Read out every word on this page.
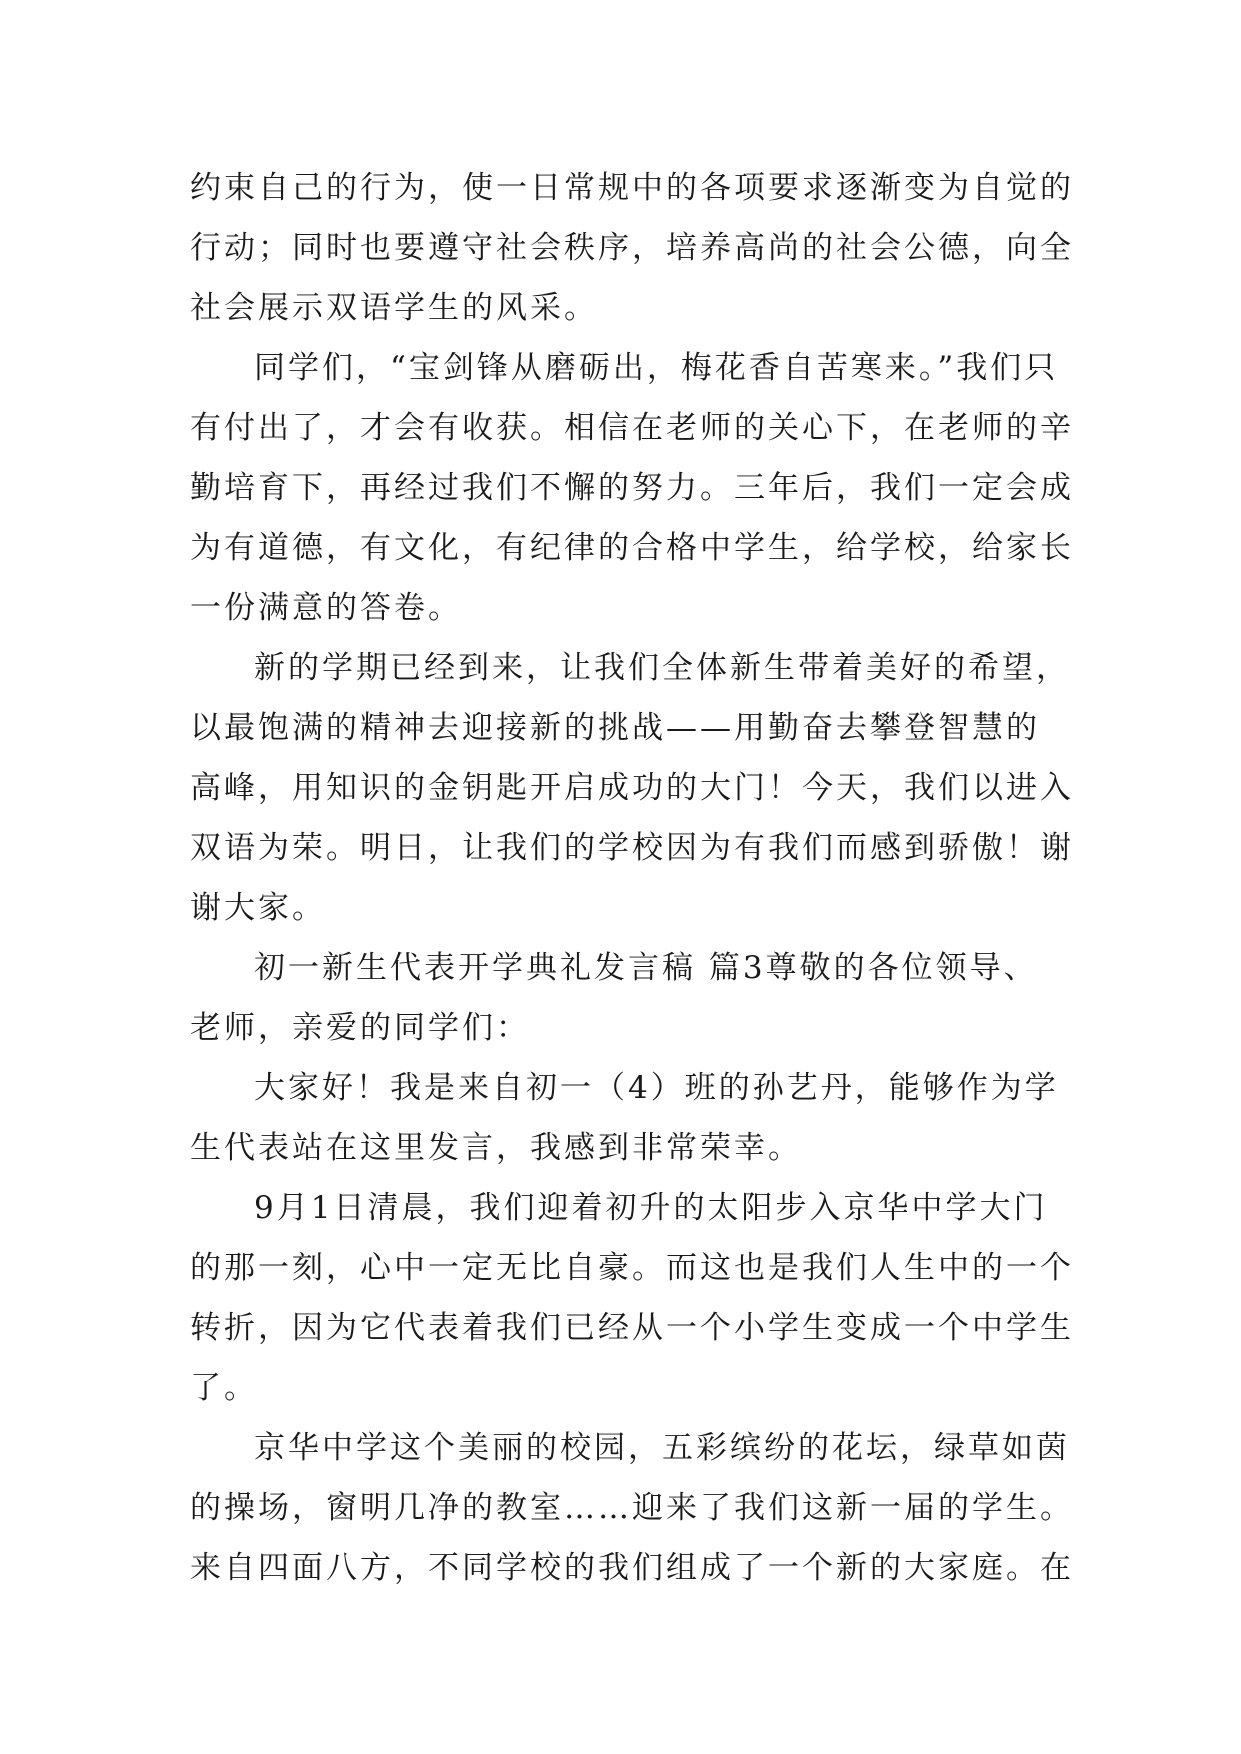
约束自己的行为，使一日常规中的各项要求逐渐变为自觉的
行动；同时也要遵守社会秩序，培养高尚的社会公德，向全
社会展示双语学生的风采。
同学们，“宝剑锋从磨砺出，梅花香自苦寒来。”我们只
有付出了，才会有收获。相信在老师的关心下，在老师的辛
勤培育下，再经过我们不懈的努力。三年后，我们一定会成
为有道德，有文化，有纪律的合格中学生，给学校，给家长
一份满意的答卷。
新的学期已经到来，让我们全体新生带着美好的希望，
以最饱满的精神去迎接新的挑战——用勤奋去攀登智慧的
高峰，用知识的金钥匙开启成功的大门！今天，我们以进入
双语为荣。明日，让我们的学校因为有我们而感到骄傲！谢
谢大家。
初一新生代表开学典礼发言稿 篇3尊敬的各位领导、
老师，亲爱的同学们：
大家好！我是来自初一（4）班的孙艺丹，能够作为学
生代表站在这里发言，我感到非常荣幸。
9月1日清晨，我们迎着初升的太阳步入京华中学大门
的那一刻，心中一定无比自豪。而这也是我们人生中的一个
转折，因为它代表着我们已经从一个小学生变成一个中学生
了。
京华中学这个美丽的校园，五彩缤纷的花坛，绿草如茵
的操场，窗明几净的教室……迎来了我们这新一届的学生。
来自四面八方，不同学校的我们组成了一个新的大家庭。在
